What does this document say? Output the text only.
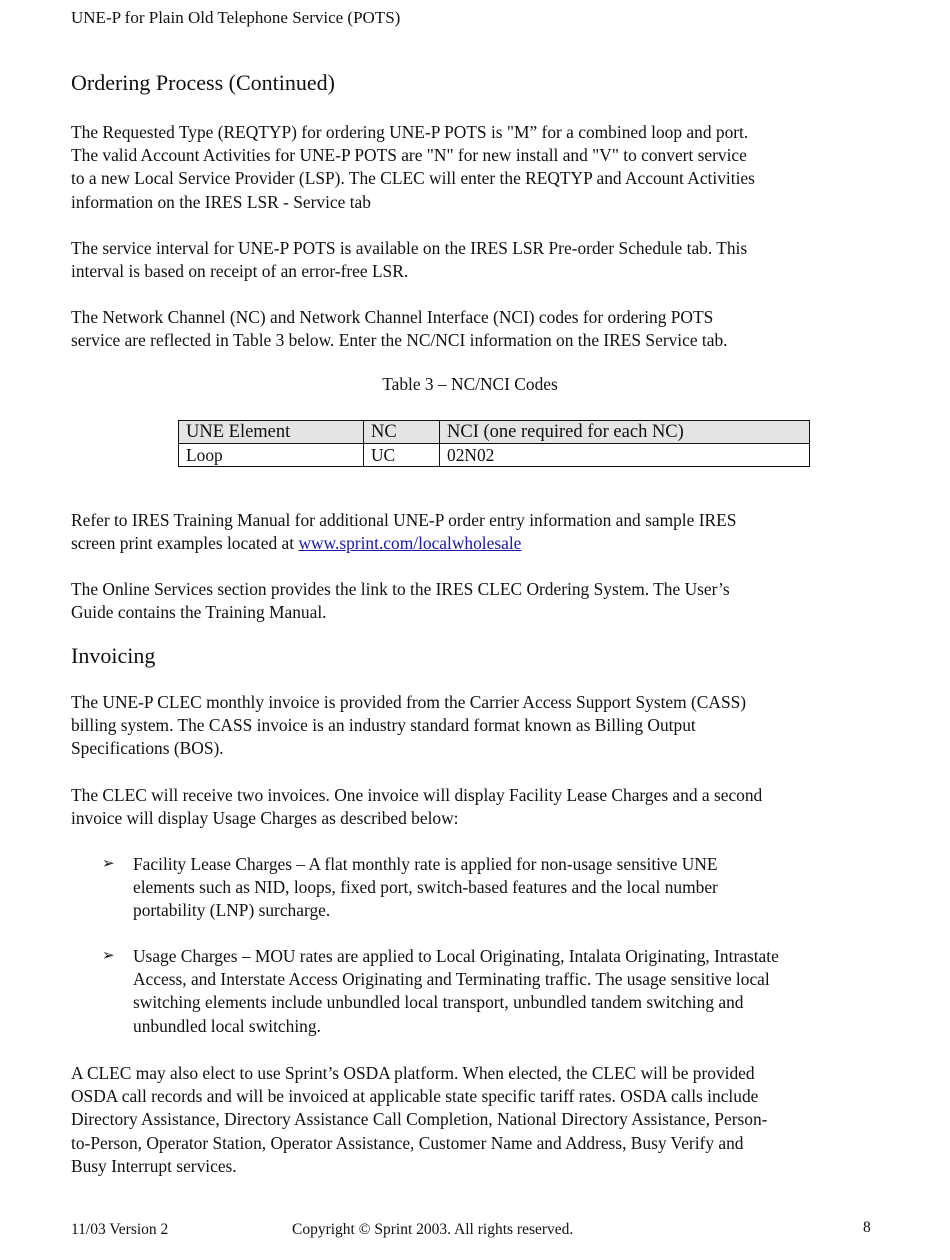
UNE-P for Plain Old Telephone Service (POTS)
Ordering Process (Continued)

The Requested Type (REQTYP) for ordering UNE-P POTS is "M” for a combined loop and port.
The valid Account Activities for UNE-P POTS are "N" for new install and "V" to convert service
to a new Local Service Provider (LSP). The CLEC will enter the REQTYP and Account Activities
information on the IRES LSR - Service tab

The service interval for UNE-P POTS is available on the IRES LSR Pre-order Schedule tab. This
interval is based on receipt of an error-free LSR.

The Network Channel (NC) and Network Channel Interface (NCI) codes for ordering POTS
service are reflected in Table 3 below. Enter the NC/NCI information on the IRES Service tab.

Table 3 – NC/NCI Codes
UNE Element	NC	NCI (one required for each NC)
Loop	UC	02N02

Refer to IRES Training Manual for additional UNE-P order entry information and sample IRES
screen print examples located at www.sprint.com/localwholesale

The Online Services section provides the link to the IRES CLEC Ordering System. The User’s
Guide contains the Training Manual.

Invoicing

The UNE-P CLEC monthly invoice is provided from the Carrier Access Support System (CASS)
billing system. The CASS invoice is an industry standard format known as Billing Output
Specifications (BOS).

The CLEC will receive two invoices. One invoice will display Facility Lease Charges and a second
invoice will display Usage Charges as described below:

➢	Facility Lease Charges – A flat monthly rate is applied for non-usage sensitive UNE
elements such as NID, loops, fixed port, switch-based features and the local number
portability (LNP) surcharge.
➢	Usage Charges – MOU rates are applied to Local Originating, Intalata Originating, Intrastate
Access, and Interstate Access Originating and Terminating traffic. The usage sensitive local
switching elements include unbundled local transport, unbundled tandem switching and
unbundled local switching.

A CLEC may also elect to use Sprint’s OSDA platform. When elected, the CLEC will be provided
OSDA call records and will be invoiced at applicable state specific tariff rates. OSDA calls include
Directory Assistance, Directory Assistance Call Completion, National Directory Assistance, Person-
to-Person, Operator Station, Operator Assistance, Customer Name and Address, Busy Verify and
Busy Interrupt services.

11/03 Version 2	Copyright © Sprint 2003. All rights reserved.	8
